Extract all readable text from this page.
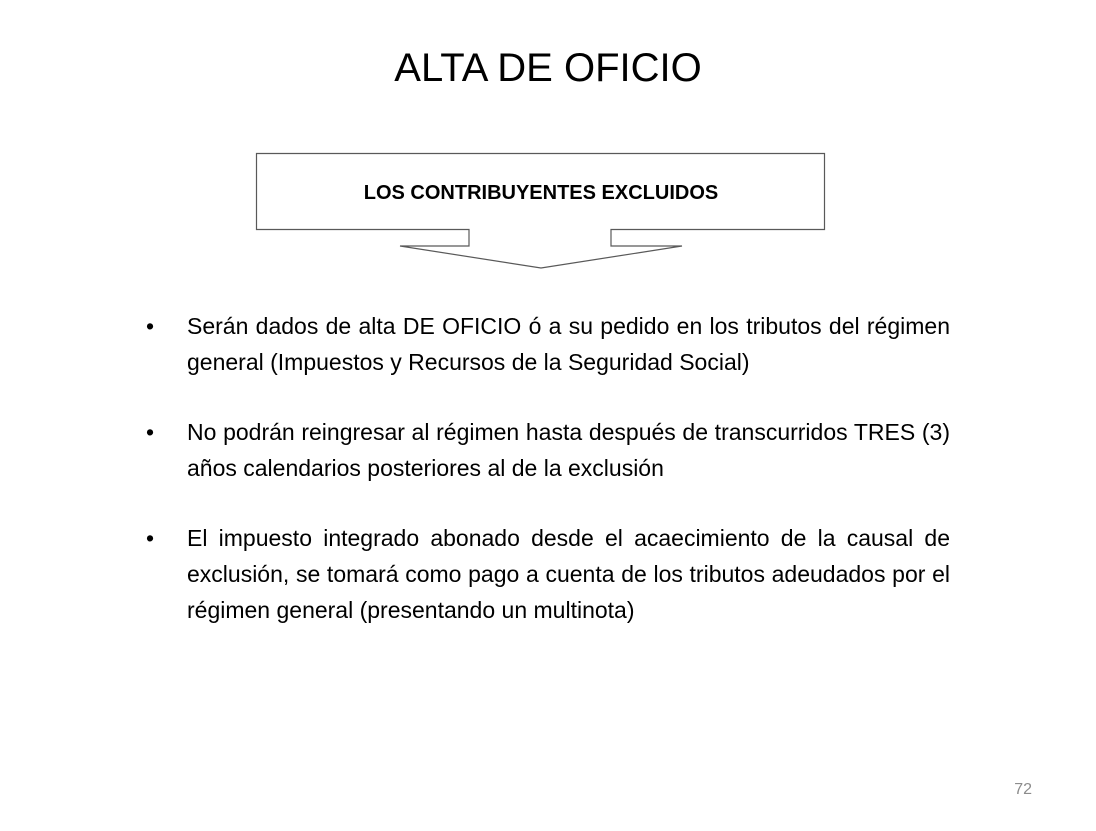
ALTA DE OFICIO
LOS CONTRIBUYENTES EXCLUIDOS
• Serán dados de alta DE OFICIO ó a su pedido en los tributos del régimen general (Impuestos y Recursos de la Seguridad Social)
• No podrán reingresar al régimen hasta después de transcurridos TRES (3) años calendarios posteriores al de la exclusión
• El impuesto integrado abonado desde el acaecimiento de la causal de exclusión, se tomará como pago a cuenta de los tributos adeudados por el régimen general (presentando un multinota)
72
